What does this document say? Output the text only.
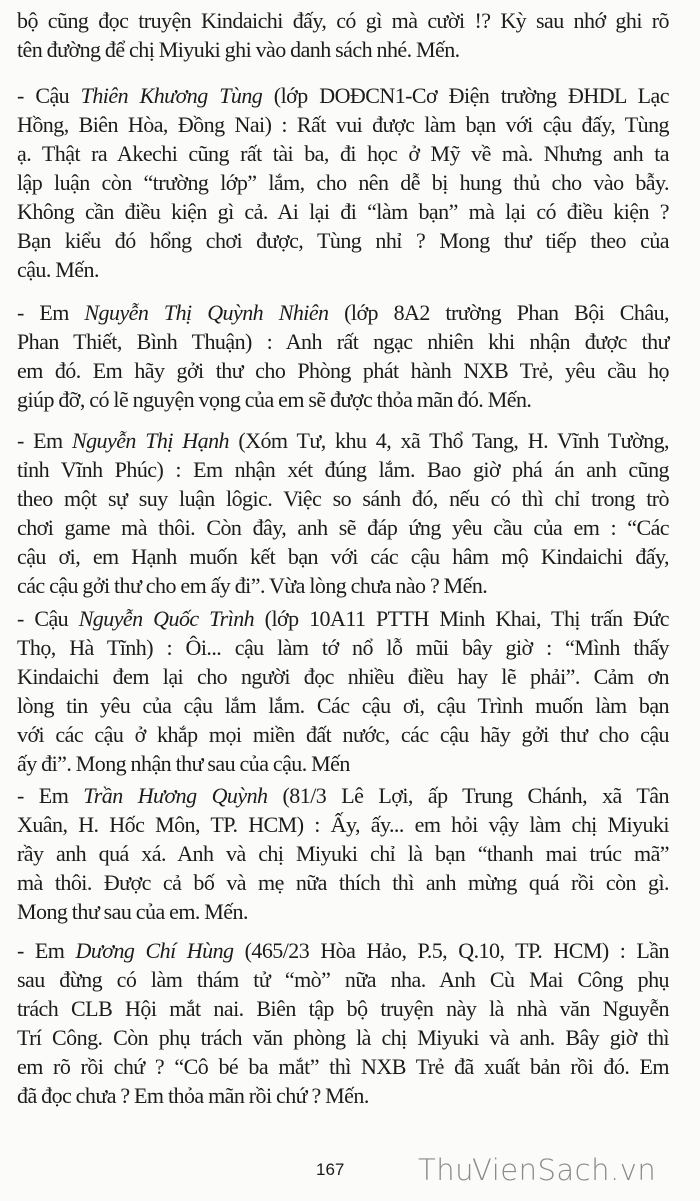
bộ cũng đọc truyện Kindaichi đấy, có gì mà cười !? Kỳ sau nhớ ghi rõ
tên đường để chị Miyuki ghi vào danh sách nhé. Mến.
- Cậu Thiên Khương Tùng (lớp DOĐCN1-Cơ Điện trường ĐHDL Lạc
Hồng, Biên Hòa, Đồng Nai) : Rất vui được làm bạn với cậu đấy, Tùng
ạ. Thật ra Akechi cũng rất tài ba, đi học ở Mỹ về mà. Nhưng anh ta
lập luận còn “trường lớp” lắm, cho nên dễ bị hung thủ cho vào bẫy.
Không cần điều kiện gì cả. Ai lại đi “làm bạn” mà lại có điều kiện ?
Bạn kiểu đó hổng chơi được, Tùng nhỉ ? Mong thư tiếp theo của
cậu. Mến.
- Em Nguyễn Thị Quỳnh Nhiên (lớp 8A2 trường Phan Bội Châu,
Phan Thiết, Bình Thuận) : Anh rất ngạc nhiên khi nhận được thư
em đó. Em hãy gởi thư cho Phòng phát hành NXB Trẻ, yêu cầu họ
giúp đỡ, có lẽ nguyện vọng của em sẽ được thỏa mãn đó. Mến.
- Em Nguyễn Thị Hạnh (Xóm Tư, khu 4, xã Thổ Tang, H. Vĩnh Tường,
tỉnh Vĩnh Phúc) : Em nhận xét đúng lắm. Bao giờ phá án anh cũng
theo một sự suy luận lôgic. Việc so sánh đó, nếu có thì chỉ trong trò
chơi game mà thôi. Còn đây, anh sẽ đáp ứng yêu cầu của em : “Các
cậu ơi, em Hạnh muốn kết bạn với các cậu hâm mộ Kindaichi đấy,
các cậu gởi thư cho em ấy đi”. Vừa lòng chưa nào ? Mến.
- Cậu Nguyễn Quốc Trình (lớp 10A11 PTTH Minh Khai, Thị trấn Đức
Thọ, Hà Tĩnh) : Ôi... cậu làm tớ nổ lỗ mũi bây giờ : “Mình thấy
Kindaichi đem lại cho người đọc nhiều điều hay lẽ phải”. Cảm ơn
lòng tin yêu của cậu lắm lắm. Các cậu ơi, cậu Trình muốn làm bạn
với các cậu ở khắp mọi miền đất nước, các cậu hãy gởi thư cho cậu
ấy đi”. Mong nhận thư sau của cậu. Mến
- Em Trần Hương Quỳnh (81/3 Lê Lợi, ấp Trung Chánh, xã Tân
Xuân, H. Hốc Môn, TP. HCM) : Ấy, ấy... em hỏi vậy làm chị Miyuki
rầy anh quá xá. Anh và chị Miyuki chỉ là bạn “thanh mai trúc mã”
mà thôi. Được cả bố và mẹ nữa thích thì anh mừng quá rồi còn gì.
Mong thư sau của em. Mến.
- Em Dương Chí Hùng (465/23 Hòa Hảo, P.5, Q.10, TP. HCM) : Lần
sau đừng có làm thám tử “mò” nữa nha. Anh Cù Mai Công phụ
trách CLB Hội mắt nai. Biên tập bộ truyện này là nhà văn Nguyễn
Trí Công. Còn phụ trách văn phòng là chị Miyuki và anh. Bây giờ thì
em rõ rồi chứ ? “Cô bé ba mắt” thì NXB Trẻ đã xuất bản rồi đó. Em
đã đọc chưa ? Em thỏa mãn rồi chứ ? Mến.
167	ThuVienSach.vn
